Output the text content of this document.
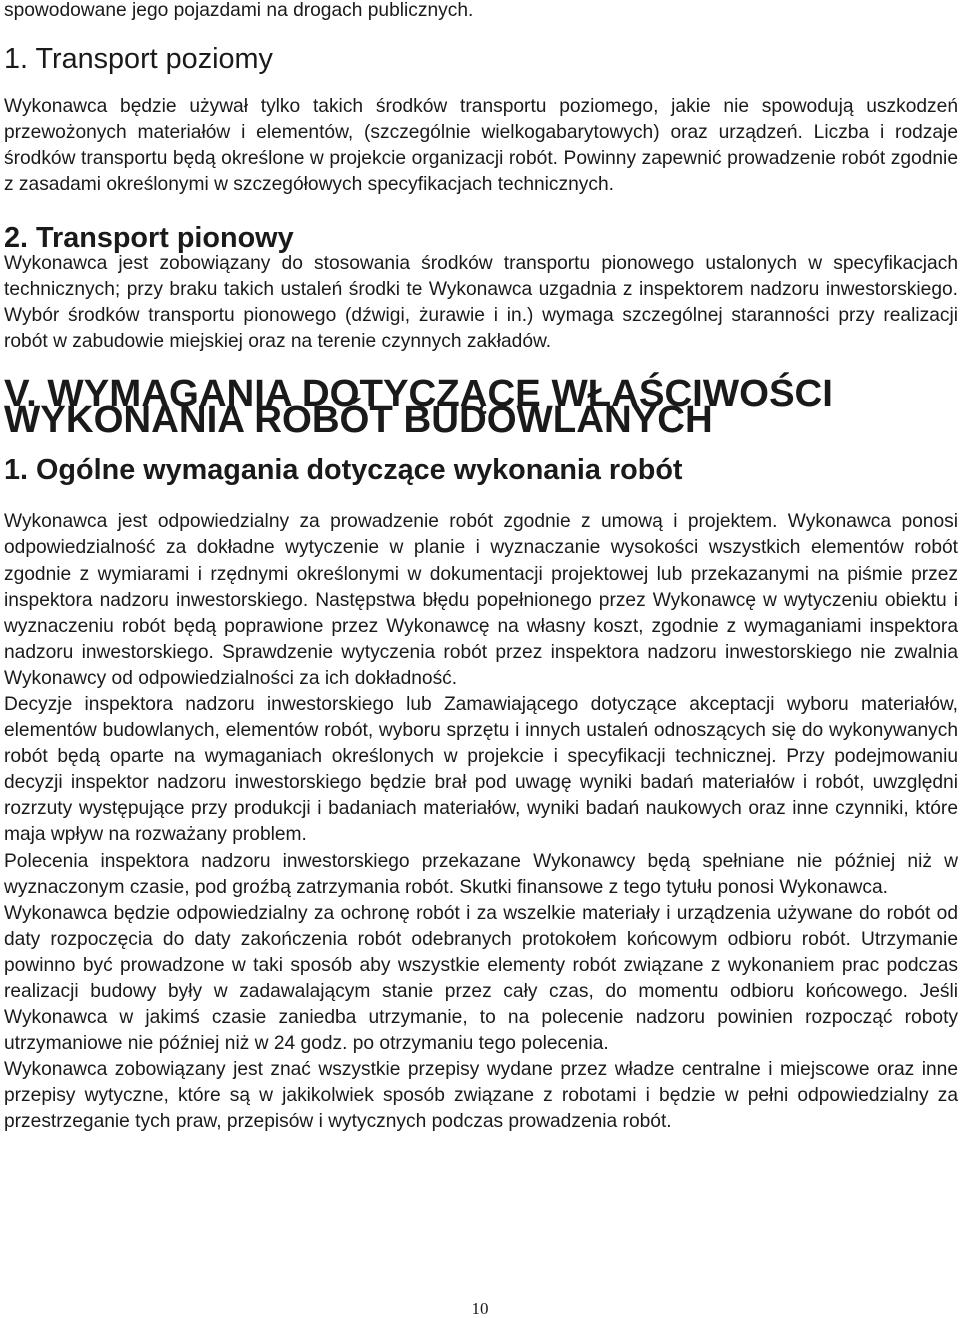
spowodowane jego pojazdami na drogach publicznych.

1. Transport poziomy

Wykonawca będzie używał tylko takich środków transportu poziomego, jakie nie spowodują uszkodzeń przewożonych materiałów i elementów, (szczególnie wielkogabarytowych) oraz urządzeń. Liczba i rodzaje środków transportu będą określone w projekcie organizacji robót. Powinny zapewnić prowadzenie robót zgodnie z zasadami określonymi w szczegółowych specyfikacjach technicznych.

2. Transport pionowy

Wykonawca jest zobowiązany do stosowania środków transportu pionowego ustalonych w specyfikacjach technicznych; przy braku takich ustaleń środki te Wykonawca uzgadnia z inspektorem nadzoru inwestorskiego. Wybór środków transportu pionowego (dźwigi, żurawie i in.) wymaga szczególnej staranności przy realizacji robót w zabudowie miejskiej oraz na terenie czynnych zakładów.

V. WYMAGANIA DOTYCZĄCE WŁAŚCIWOŚCI WYKONANIA ROBÓT BUDOWLANYCH
1. Ogólne wymagania dotyczące wykonania robót

Wykonawca jest odpowiedzialny za prowadzenie robót zgodnie z umową i projektem. Wykonawca ponosi odpowiedzialność za dokładne wytyczenie w planie i wyznaczanie wysokości wszystkich elementów robót zgodnie z wymiarami i rzędnymi określonymi w dokumentacji projektowej lub przekazanymi na piśmie przez inspektora nadzoru inwestorskiego. Następstwa błędu popełnionego przez Wykonawcę w wytyczeniu obiektu i wyznaczeniu robót będą poprawione przez Wykonawcę na własny koszt, zgodnie z wymaganiami inspektora nadzoru inwestorskiego. Sprawdzenie wytyczenia robót przez inspektora nadzoru inwestorskiego nie zwalnia Wykonawcy od odpowiedzialności za ich dokładność.

Decyzje inspektora nadzoru inwestorskiego lub Zamawiającego dotyczące akceptacji wyboru materiałów, elementów budowlanych, elementów robót, wyboru sprzętu i innych ustaleń odnoszących się do wykonywanych robót będą oparte na wymaganiach określonych w projekcie i specyfikacji technicznej. Przy podejmowaniu decyzji inspektor nadzoru inwestorskiego będzie brał pod uwagę wyniki badań materiałów i robót, uwzględni rozrzuty występujące przy produkcji i badaniach materiałów, wyniki badań naukowych oraz inne czynniki, które maja wpływ na rozważany problem.

Polecenia inspektora nadzoru inwestorskiego przekazane Wykonawcy będą spełniane nie później niż w wyznaczonym czasie, pod groźbą zatrzymania robót. Skutki finansowe z tego tytułu ponosi Wykonawca.

Wykonawca będzie odpowiedzialny za ochronę robót i za wszelkie materiały i urządzenia używane do robót od daty rozpoczęcia do daty zakończenia robót odebranych protokołem końcowym odbioru robót. Utrzymanie powinno być prowadzone w taki sposób aby wszystkie elementy robót związane z wykonaniem prac podczas realizacji budowy były w zadawalającym stanie przez cały czas, do momentu odbioru końcowego. Jeśli Wykonawca w jakimś czasie zaniedba utrzymanie, to na polecenie nadzoru powinien rozpocząć roboty utrzymaniowe nie później niż w 24 godz. po otrzymaniu tego polecenia.

Wykonawca zobowiązany jest znać wszystkie przepisy wydane przez władze centralne i miejscowe oraz inne przepisy wytyczne, które są w jakikolwiek sposób związane z robotami i będzie w pełni odpowiedzialny za przestrzeganie tych praw, przepisów i wytycznych podczas prowadzenia robót.

10
